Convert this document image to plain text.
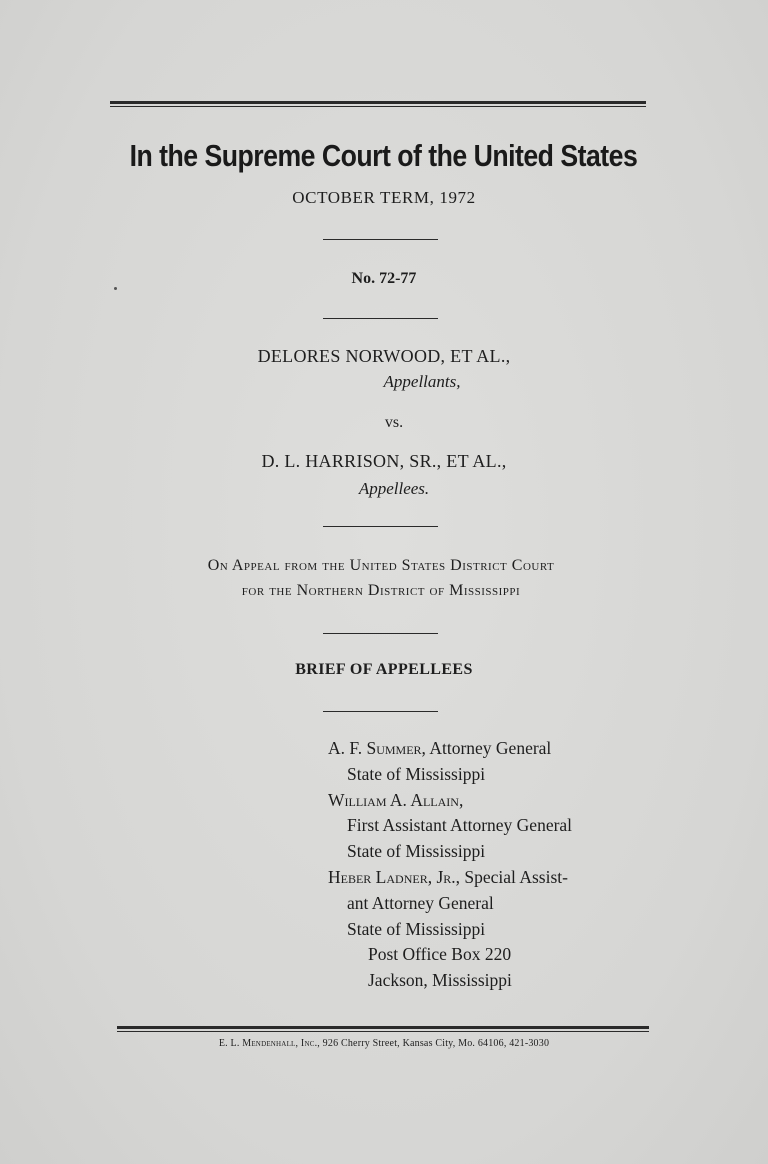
In the Supreme Court of the United States
OCTOBER TERM, 1972
No. 72-77
DELORES NORWOOD, ET AL.,
Appellants,
vs.
D. L. HARRISON, SR., ET AL.,
Appellees.
On Appeal from the United States District Court
for the Northern District of Mississippi
BRIEF OF APPELLEES
A. F. Summer, Attorney General
State of Mississippi
William A. Allain,
First Assistant Attorney General
State of Mississippi
Heber Ladner, Jr., Special Assist-
ant Attorney General
State of Mississippi
Post Office Box 220
Jackson, Mississippi
E. L. Mendenhall, Inc., 926 Cherry Street, Kansas City, Mo. 64106, 421-3030
